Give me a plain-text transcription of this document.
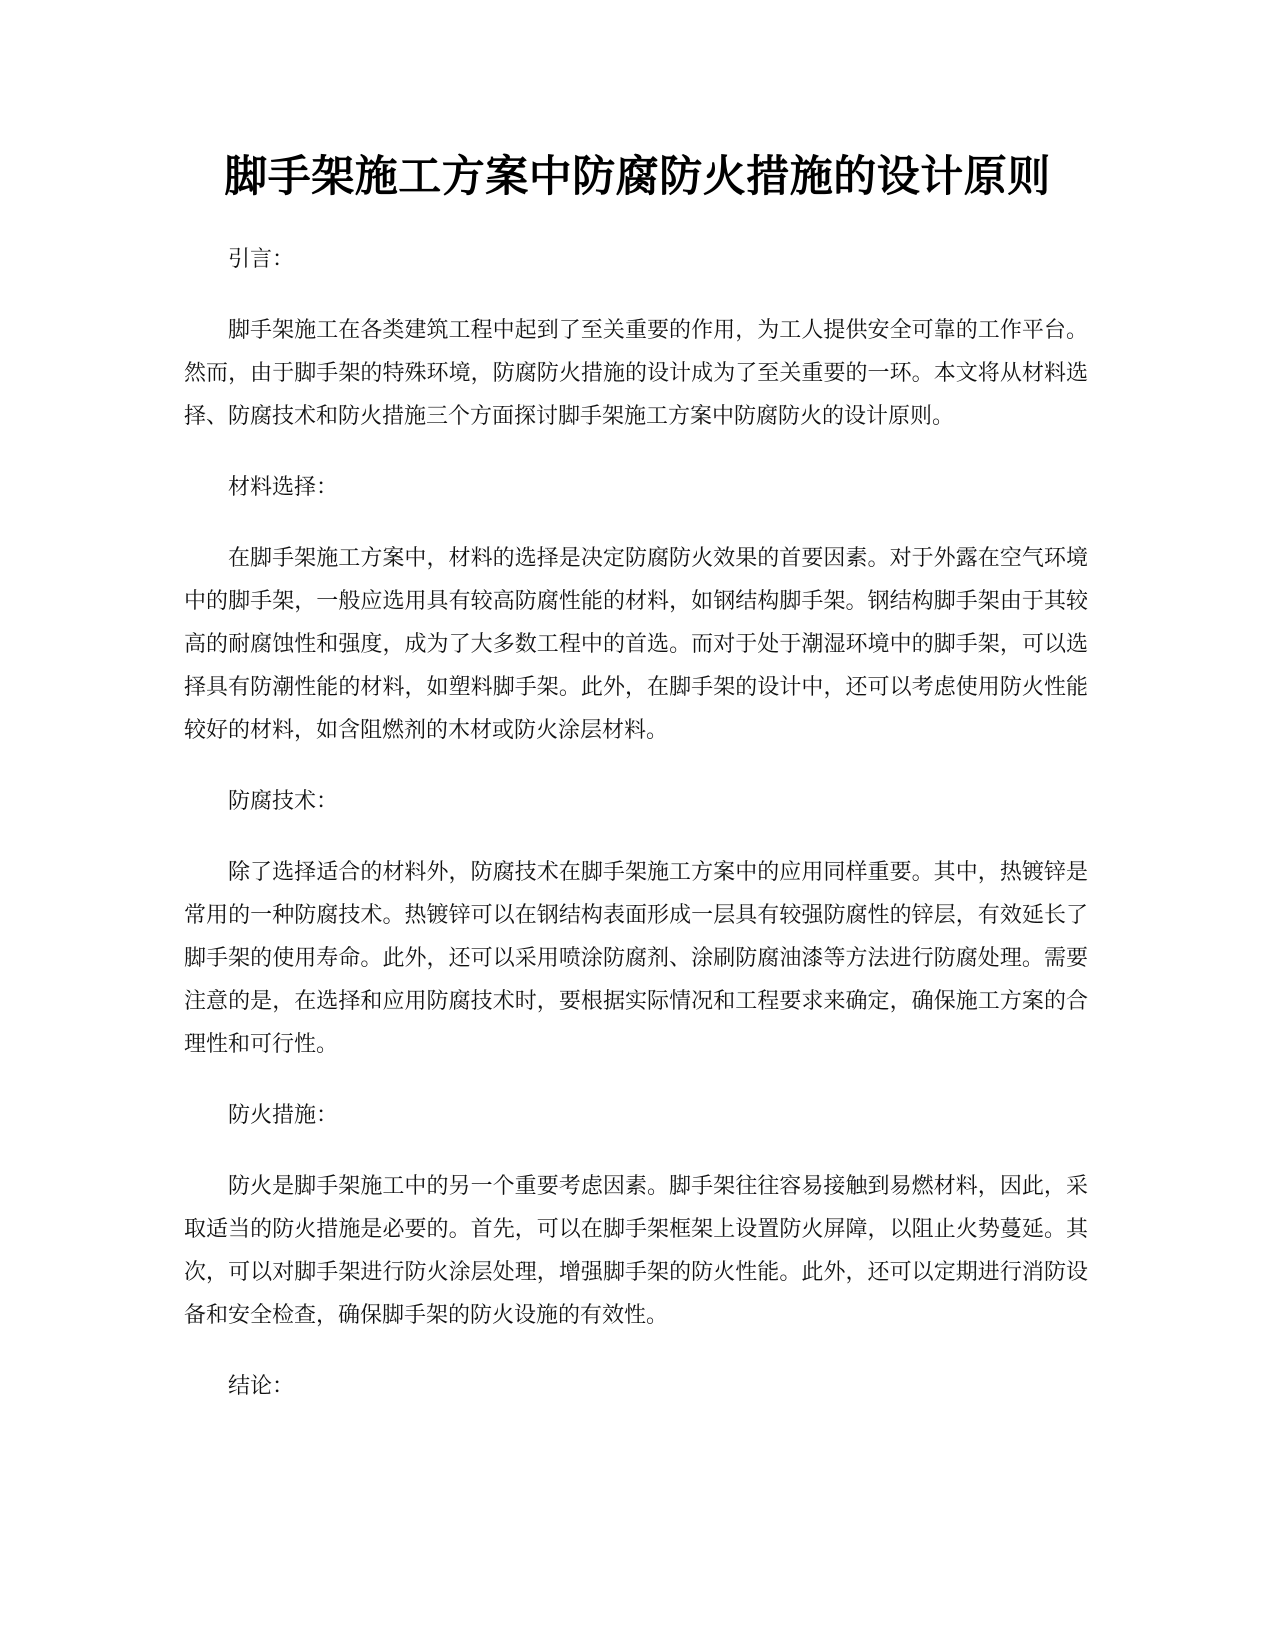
脚手架施工方案中防腐防火措施的设计原则

引言：

脚手架施工在各类建筑工程中起到了至关重要的作用，为工人提供安全可靠的工作平台。然而，由于脚手架的特殊环境，防腐防火措施的设计成为了至关重要的一环。本文将从材料选择、防腐技术和防火措施三个方面探讨脚手架施工方案中防腐防火的设计原则。

材料选择：

在脚手架施工方案中，材料的选择是决定防腐防火效果的首要因素。对于外露在空气环境中的脚手架，一般应选用具有较高防腐性能的材料，如钢结构脚手架。钢结构脚手架由于其较高的耐腐蚀性和强度，成为了大多数工程中的首选。而对于处于潮湿环境中的脚手架，可以选择具有防潮性能的材料，如塑料脚手架。此外，在脚手架的设计中，还可以考虑使用防火性能较好的材料，如含阻燃剂的木材或防火涂层材料。

防腐技术：

除了选择适合的材料外，防腐技术在脚手架施工方案中的应用同样重要。其中，热镀锌是常用的一种防腐技术。热镀锌可以在钢结构表面形成一层具有较强防腐性的锌层，有效延长了脚手架的使用寿命。此外，还可以采用喷涂防腐剂、涂刷防腐油漆等方法进行防腐处理。需要注意的是，在选择和应用防腐技术时，要根据实际情况和工程要求来确定，确保施工方案的合理性和可行性。

防火措施：

防火是脚手架施工中的另一个重要考虑因素。脚手架往往容易接触到易燃材料，因此，采取适当的防火措施是必要的。首先，可以在脚手架框架上设置防火屏障，以阻止火势蔓延。其次，可以对脚手架进行防火涂层处理，增强脚手架的防火性能。此外，还可以定期进行消防设备和安全检查，确保脚手架的防火设施的有效性。

结论：
